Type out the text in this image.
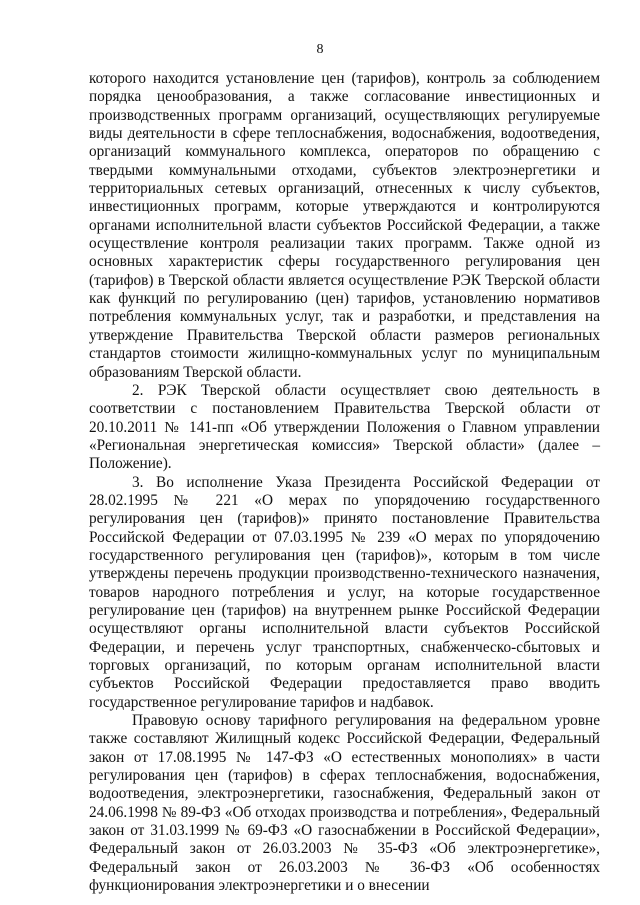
8

которого находится установление цен (тарифов), контроль за соблюдением порядка ценообразования, а также согласование инвестиционных и производственных программ организаций, осуществляющих регулируемые виды деятельности в сфере теплоснабжения, водоснабжения, водоотведения, организаций коммунального комплекса, операторов по обращению с твердыми коммунальными отходами, субъектов электроэнергетики и территориальных сетевых организаций, отнесенных к числу субъектов, инвестиционных программ, которые утверждаются и контролируются органами исполнительной власти субъектов Российской Федерации, а также осуществление контроля реализации таких программ. Также одной из основных характеристик сферы государственного регулирования цен (тарифов) в Тверской области является осуществление РЭК Тверской области как функций по регулированию (цен) тарифов, установлению нормативов потребления коммунальных услуг, так и разработки, и представления на утверждение Правительства Тверской области размеров региональных стандартов стоимости жилищно-коммунальных услуг по муниципальным образованиям Тверской области.

2. РЭК Тверской области осуществляет свою деятельность в соответствии с постановлением Правительства Тверской области от 20.10.2011 № 141-пп «Об утверждении Положения о Главном управлении «Региональная энергетическая комиссия» Тверской области» (далее – Положение).

3. Во исполнение Указа Президента Российской Федерации от 28.02.1995 № 221 «О мерах по упорядочению государственного регулирования цен (тарифов)» принято постановление Правительства Российской Федерации от 07.03.1995 № 239 «О мерах по упорядочению государственного регулирования цен (тарифов)», которым в том числе утверждены перечень продукции производственно-технического назначения, товаров народного потребления и услуг, на которые государственное регулирование цен (тарифов) на внутреннем рынке Российской Федерации осуществляют органы исполнительной власти субъектов Российской Федерации, и перечень услуг транспортных, снабженческо-сбытовых и торговых организаций, по которым органам исполнительной власти субъектов Российской Федерации предоставляется право вводить государственное регулирование тарифов и надбавок.

Правовую основу тарифного регулирования на федеральном уровне также составляют Жилищный кодекс Российской Федерации, Федеральный закон от 17.08.1995 № 147-ФЗ «О естественных монополиях» в части регулирования цен (тарифов) в сферах теплоснабжения, водоснабжения, водоотведения, электроэнергетики, газоснабжения, Федеральный закон от 24.06.1998 № 89-ФЗ «Об отходах производства и потребления», Федеральный закон от 31.03.1999 № 69-ФЗ «О газоснабжении в Российской Федерации», Федеральный закон от 26.03.2003 № 35-ФЗ «Об электроэнергетике», Федеральный закон от 26.03.2003 № 36-ФЗ «Об особенностях функционирования электроэнергетики и о внесении
